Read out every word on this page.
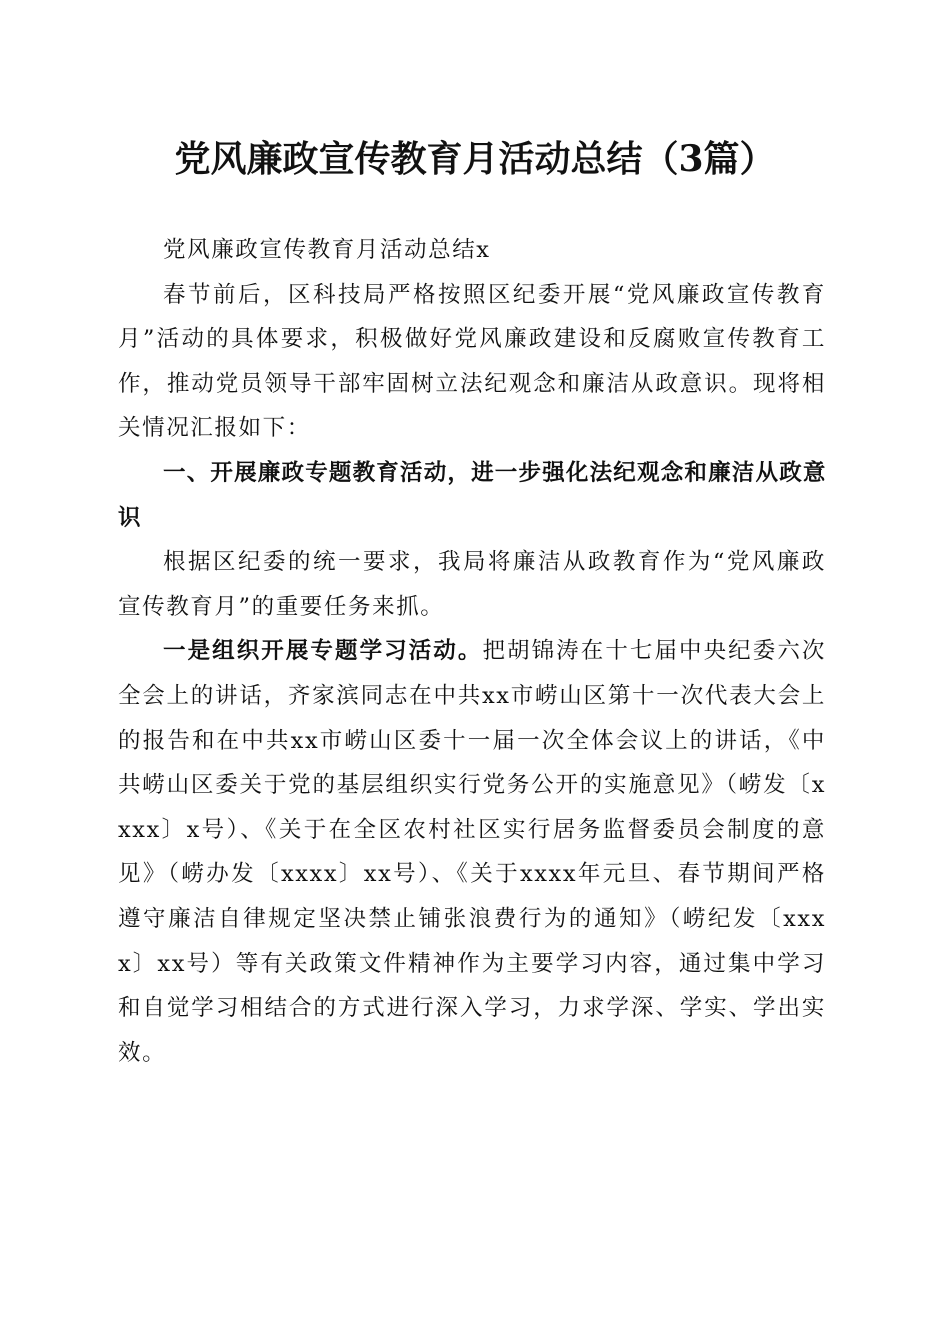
党风廉政宣传教育月活动总结（3篇）

党风廉政宣传教育月活动总结x

春节前后，区科技局严格按照区纪委开展“党风廉政宣传教育月”活动的具体要求，积极做好党风廉政建设和反腐败宣传教育工作，推动党员领导干部牢固树立法纪观念和廉洁从政意识。现将相关情况汇报如下：

一、开展廉政专题教育活动，进一步强化法纪观念和廉洁从政意识

根据区纪委的统一要求，我局将廉洁从政教育作为“党风廉政宣传教育月”的重要任务来抓。

一是组织开展专题学习活动。把胡锦涛在十七届中央纪委六次全会上的讲话，齐家滨同志在中共xx市崂山区第十一次代表大会上的报告和在中共xx市崂山区委十一届一次全体会议上的讲话，《中共崂山区委关于党的基层组织实行党务公开的实施意见》（崂发〔xxxx〕x号）、《关于在全区农村社区实行居务监督委员会制度的意见》（崂办发〔xxxx〕xx号）、《关于xxxx年元旦、春节期间严格遵守廉洁自律规定坚决禁止铺张浪费行为的通知》（崂纪发〔xxxx〕xx号）等有关政策文件精神作为主要学习内容，通过集中学习和自觉学习相结合的方式进行深入学习，力求学深、学实、学出实效。
